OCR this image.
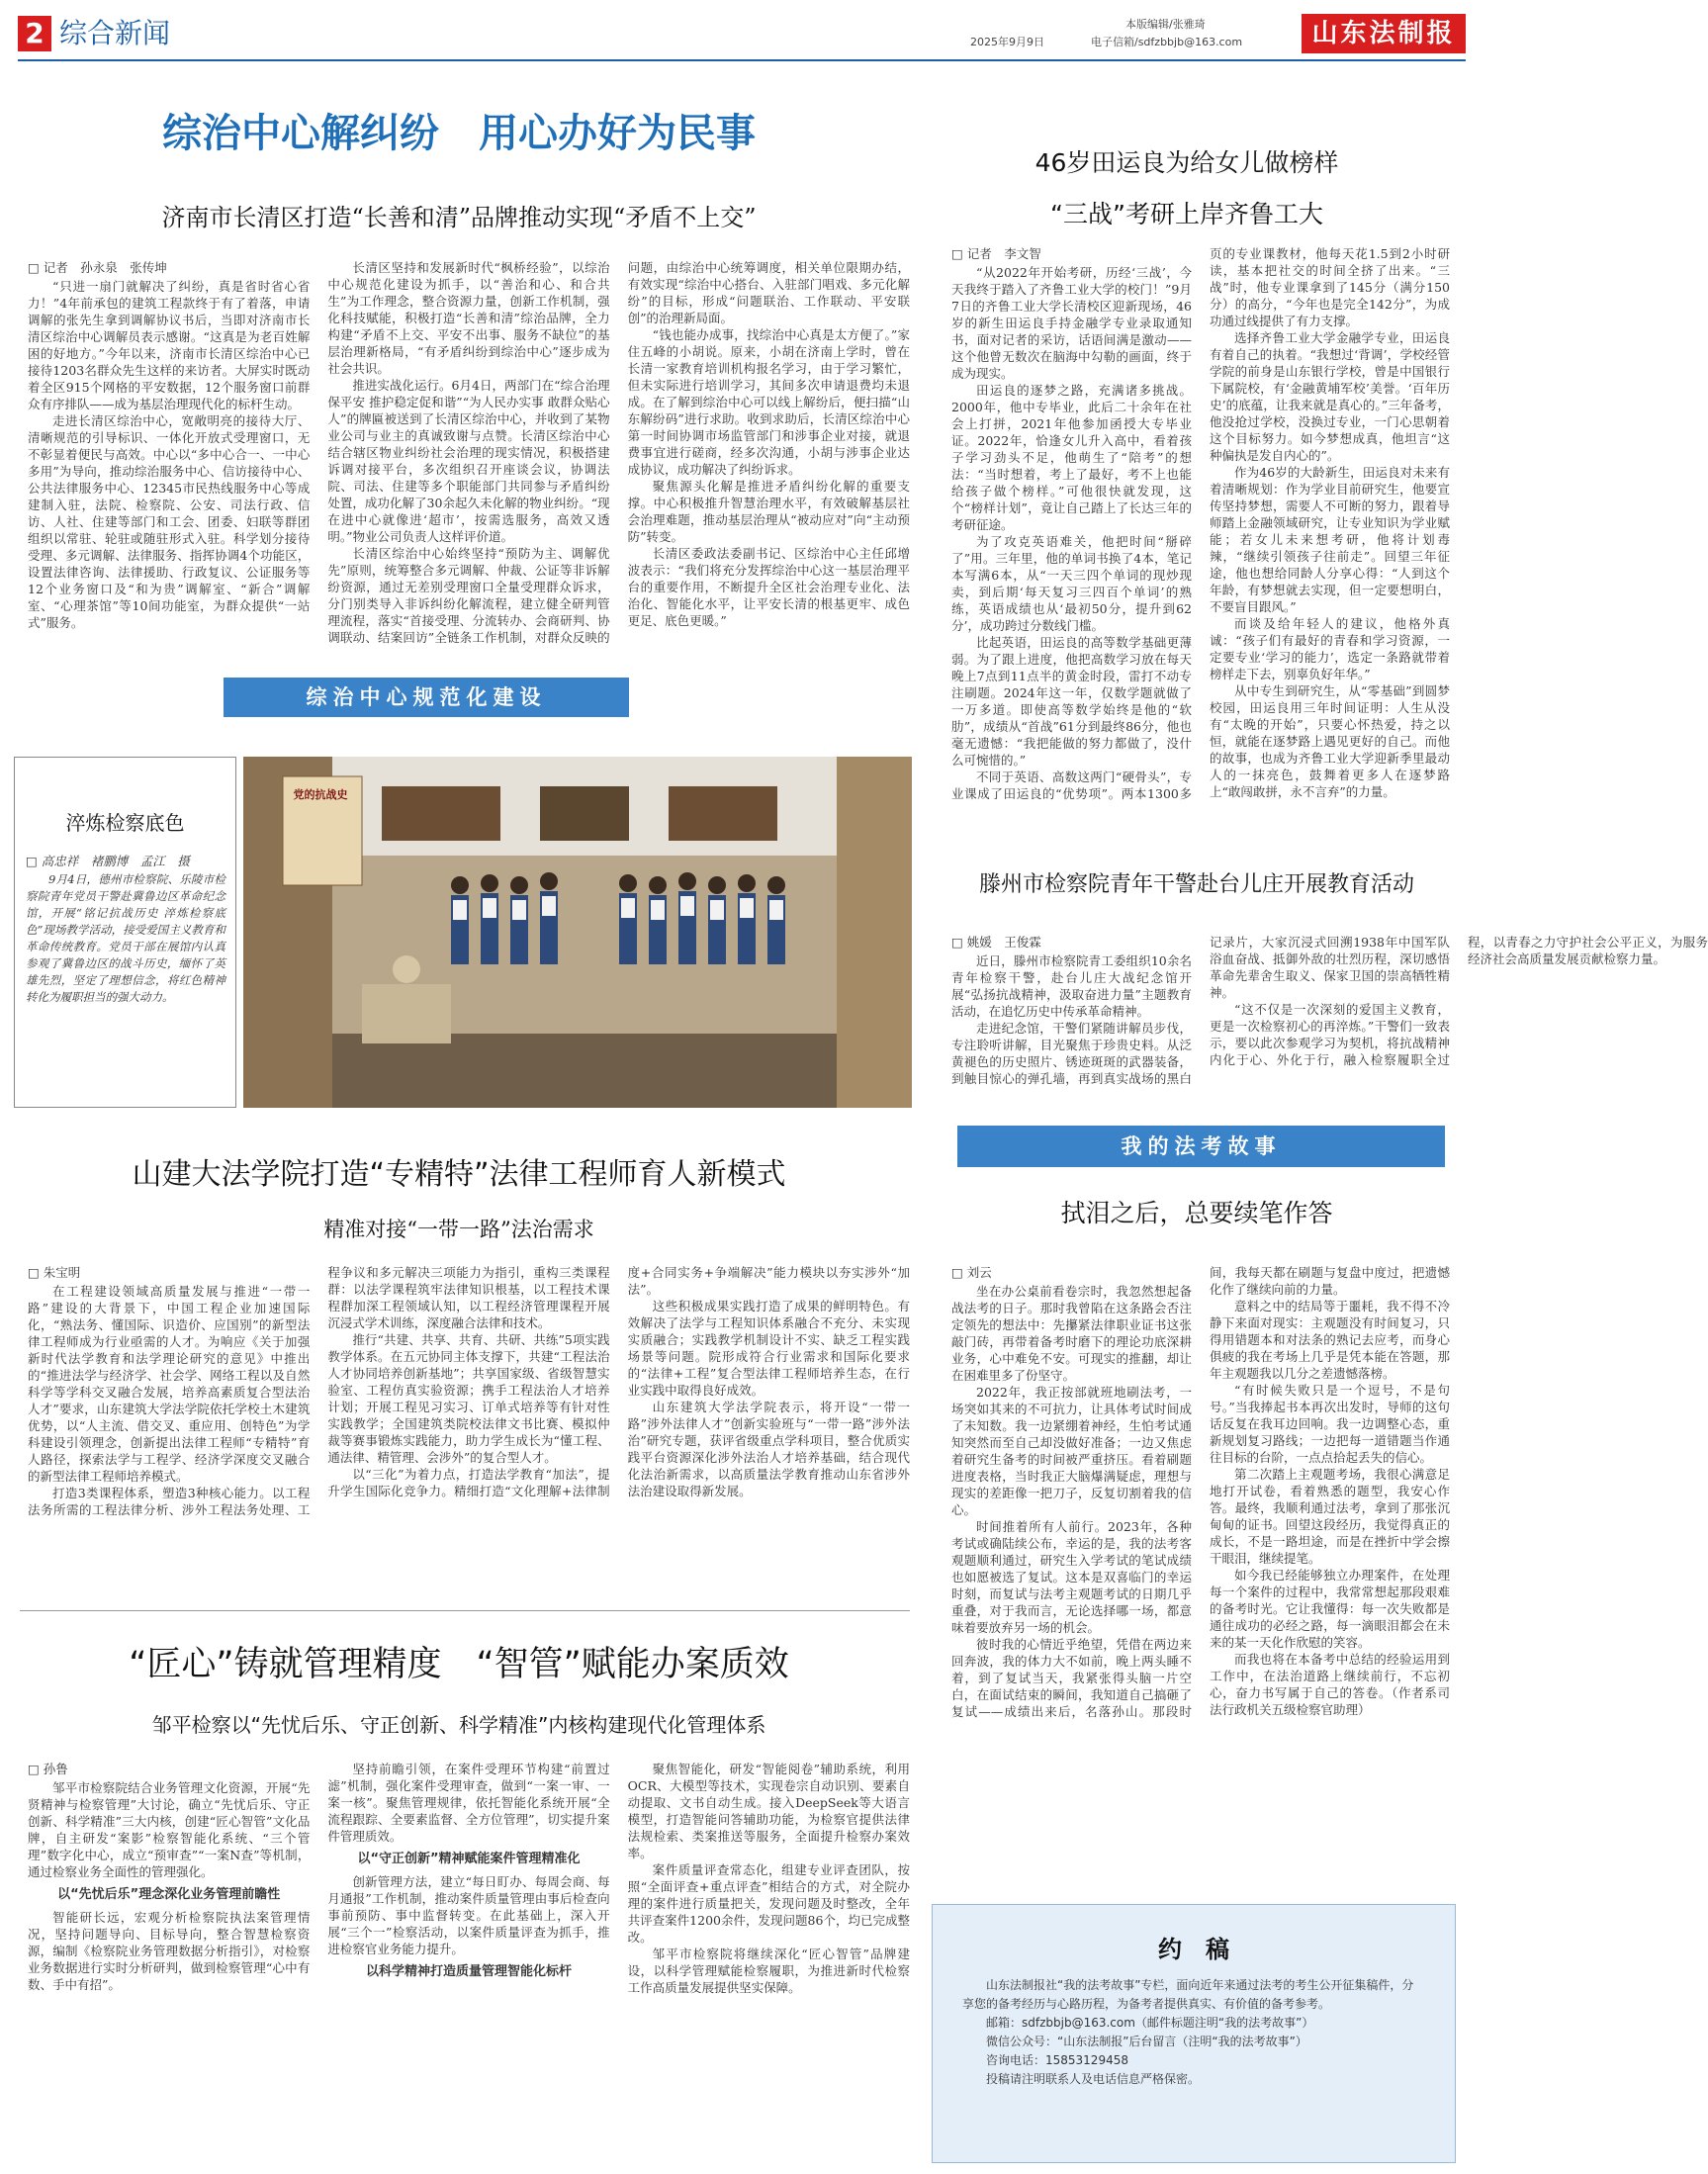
2 综合新闻	本版编辑/张雅琦
2025年9月9日	电子信箱/sdfzbbjb@163.com	山东法制报
综治中心解纠纷　用心办好为民事
济南市长清区打造“长善和清”品牌推动实现“矛盾不上交”
□ 记者　孙永泉　张传坤

“只进一扇门就解决了纠纷，真是省时省心省力！”4年前承包的建筑工程款终于有了着落，申请调解的张先生拿到调解协议书后，当即对济南市长清区综治中心调解员表示感谢。“这真是为老百姓解困的好地方。”今年以来，济南市长清区综治中心已接待1203名群众先生这样的来访者。大屏实时既动着全区915个网格的平安数据，12个服务窗口前群众有序排队——成为基层治理现代化的标杆生动。

走进长清区综治中心，宽敞明亮的接待大厅、清晰规范的引导标识、一体化开放式受理窗口，无不彰显着便民与高效。中心以“多中心合一、一中心多用”为导向，推动综治服务中心、信访接待中心、公共法律服务中心、12345市民热线服务中心等成建制入驻，法院、检察院、公安、司法行政、信访、人社、住建等部门和工会、团委、妇联等群团组织以常驻、轮驻或随驻形式入驻。科学划分接待受理、多元调解、法律服务、指挥协调4个功能区，设置法律咨询、法律援助、行政复议、公证服务等12个业务窗口及“和为贵”调解室、“新合”调解室、“心理茶馆”等10间功能室，为群众提供“一站式”服务。

长清区坚持和发展新时代“枫桥经验”，以综治中心规范化建设为抓手，以“善治和心、和合共生”为工作理念，整合资源力量，创新工作机制，强化科技赋能，积极打造“长善和清”综治品牌，全力构建“矛盾不上交、平安不出事、服务不缺位”的基层治理新格局，“有矛盾纠纷到综治中心”逐步成为社会共识。

推进实战化运行。6月4日，两部门在“综合治理保平安 推护稳定促和谐”“为人民办实事 敢群众贴心人”的牌匾被送到了长清区综治中心，并收到了某物业公司与业主的真诚致谢与点赞。长清区综治中心结合辖区物业纠纷社会治理的现实情况，积极搭建诉调对接平台，多次组织召开座谈会议，协调法院、司法、住建等多个职能部门共同参与矛盾纠纷处置，成功化解了30余起久未化解的物业纠纷。“现在进中心就像进‘超市’，按需选服务，高效又透明。”物业公司负责人这样评价道。

长清区综治中心始终坚持“预防为主、调解优先”原则，统筹整合多元调解、仲裁、公证等非诉解纷资源，通过无差别受理窗口全量受理群众诉求，分门别类导入非诉纠纷化解流程，建立健全研判管理流程，落实“首接受理、分流转办、会商研判、协调联动、结案回访”全链条工作机制，对群众反映的问题，由综治中心统筹调度，相关单位限期办结，有效实现“综治中心搭台、入驻部门唱戏、多元化解纷”的目标，形成“问题联治、工作联动、平安联创”的治理新局面。

“钱也能办成事，找综治中心真是太方便了。”家住五峰的小胡说。原来，小胡在济南上学时，曾在长清一家教育培训机构报名学习，由于学习繁忙，但未实际进行培训学习，其间多次申请退费均未退成。在了解到综治中心可以线上解纷后，便扫描“山东解纷码”进行求助。收到求助后，长清区综治中心第一时间协调市场监管部门和涉事企业对接，就退费事宜进行磋商，经多次沟通，小胡与涉事企业达成协议，成功解决了纠纷诉求。

聚焦源头化解是推进矛盾纠纷化解的重要支撑。中心积极推升智慧治理水平，有效破解基层社会治理难题，推动基层治理从“被动应对”向“主动预防”转变。

长清区委政法委副书记、区综治中心主任邱增波表示：“我们将充分发挥综治中心这一基层治理平台的重要作用，不断提升全区社会治理专业化、法治化、智能化水平，让平安长清的根基更牢、成色更足、底色更暖。”

综治中心规范化建设
淬炼检察底色
□ 高忠祥　褚鹏博　孟江　摄

9月4日，德州市检察院、乐陵市检察院青年党员干警赴冀鲁边区革命纪念馆，开展“铭记抗战历史 淬炼检察底色”现场教学活动，接受爱国主义教育和革命传统教育。党员干部在展馆内认真参观了冀鲁边区的战斗历史，缅怀了英雄先烈，坚定了理想信念，将红色精神转化为履职担当的强大动力。

党的抗战史
46岁田运良为给女儿做榜样
“三战”考研上岸齐鲁工大
□ 记者　李文智

“从2022年开始考研，历经‘三战’，今天我终于踏入了齐鲁工业大学的校门！”9月7日的齐鲁工业大学长清校区迎新现场，46岁的新生田运良手持金融学专业录取通知书，面对记者的采访，话语间满是激动——这个他曾无数次在脑海中勾勒的画面，终于成为现实。

田运良的逐梦之路，充满诸多挑战。2000年，他中专毕业，此后二十余年在社会上打拼，2021年他参加函授大专毕业证。2022年，恰逢女儿升入高中，看着孩子学习劲头不足，他萌生了“陪考”的想法：“当时想着，考上了最好，考不上也能给孩子做个榜样。”可他很快就发现，这个“榜样计划”，竟让自己踏上了长达三年的考研征途。

为了攻克英语难关，他把时间“掰碎了”用。三年里，他的单词书换了4本，笔记本写满6本，从“一天三四个单词的现炒现卖，到后期‘每天复习三四百个单词’的熟练，英语成绩也从‘最初50分，提升到62分’，成功跨过分数线门槛。

比起英语，田运良的高等数学基础更薄弱。为了跟上进度，他把高数学习放在每天晚上7点到11点半的黄金时段，雷打不动专注刷题。2024年这一年，仅数学题就做了一万多道。即使高等数学始终是他的“软肋”，成绩从“首战”61分到最终86分，他也毫无遗憾：“我把能做的努力都做了，没什么可惋惜的。”

不同于英语、高数这两门“硬骨头”，专业课成了田运良的“优势项”。两本1300多页的专业课教材，他每天花1.5到2小时研读，基本把社交的时间全挤了出来。“三战”时，他专业课拿到了145分（满分150分）的高分，“今年也是完全142分”，为成功通过线提供了有力支撑。

选择齐鲁工业大学金融学专业，田运良有着自己的执着。“我想过‘背调’，学校经管学院的前身是山东银行学校，曾是中国银行下属院校，有‘金融黄埔军校’美誉。‘百年历史’的底蕴，让我来就是真心的。”三年备考，他没抢过学校，没换过专业，一门心思朝着这个目标努力。如今梦想成真，他坦言“这种偏执是发自内心的”。

作为46岁的大龄新生，田运良对未来有着清晰规划：作为学业目前研究生，他要宣传坚持梦想，需要人不可断的努力，跟着导师踏上金融领域研究，让专业知识为学业赋能；若女儿未来想考研，他将计划毒辣，“继续引领孩子往前走”。回望三年征途，他也想给同龄人分享心得：“人到这个年龄，有梦想就去实现，但一定要想明白，不要盲目跟风。”

而谈及给年轻人的建议，他格外真诚：“孩子们有最好的青春和学习资源，一定要专业‘学习的能力’，选定一条路就带着榜样走下去，别辜负好年华。”

从中专生到研究生，从“零基础”到圆梦校园，田运良用三年时间证明：人生从没有“太晚的开始”，只要心怀热爱，持之以恒，就能在逐梦路上遇见更好的自己。而他的故事，也成为齐鲁工业大学迎新季里最动人的一抹亮色，鼓舞着更多人在逐梦路上“敢闯敢拼，永不言弃”的力量。

滕州市检察院青年干警赴台儿庄开展教育活动
□ 姚媛　王俊霖

近日，滕州市检察院青工委组织10余名青年检察干警，赴台儿庄大战纪念馆开展“弘扬抗战精神，汲取奋进力量”主题教育活动，在追忆历史中传承革命精神。

走进纪念馆，干警们紧随讲解员步伐，专注聆听讲解，目光聚焦于珍贵史料。从泛黄褪色的历史照片、锈迹斑斑的武器装备，到触目惊心的弹孔墙，再到真实战场的黑白记录片，大家沉浸式回溯1938年中国军队浴血奋战、抵御外敌的壮烈历程，深切感悟革命先辈舍生取义、保家卫国的崇高牺牲精神。

“这不仅是一次深刻的爱国主义教育，更是一次检察初心的再淬炼。”干警们一致表示，要以此次参观学习为契机，将抗战精神内化于心、外化于行，融入检察履职全过程，以青春之力守护社会公平正义，为服务经济社会高质量发展贡献检察力量。

我的法考故事
拭泪之后，总要续笔作答
□ 刘云

坐在办公桌前看卷宗时，我忽然想起备战法考的日子。那时我曾陷在这条路会否注定领先的想法中：先攥紧法律职业证书这张敲门砖，再带着备考时磨下的理论功底深耕业务，心中难免不安。可现实的推翻，却让在困难里多了份坚守。

2022年，我正按部就班地刷法考，一场突如其来的不可抗力，让具体考试时间成了未知数。我一边紧绷着神经，生怕考试通知突然而至自己却没做好准备；一边又焦虑着研究生备考的时间被严重挤压。看着刷题进度表格，当时我正大脑爆满疑虑，理想与现实的差距像一把刀子，反复切割着我的信心。

时间推着所有人前行。2023年，各种考试或确陆续公布，幸运的是，我的法考客观题顺利通过，研究生入学考试的笔试成绩也如愿被选了复试。这本是双喜临门的幸运时刻，而复试与法考主观题考试的日期几乎重叠，对于我而言，无论选择哪一场，都意味着要放弃另一场的机会。

彼时我的心情近乎绝望，凭借在两边来回奔波，我的体力大不如前，晚上两头睡不着，到了复试当天，我紧张得头脑一片空白，在面试结束的瞬间，我知道自己搞砸了复试——成绩出来后，名落孙山。那段时间，我每天都在刷题与复盘中度过，把遗憾化作了继续向前的力量。

意料之中的结局等于噩耗，我不得不冷静下来面对现实：主观题没有时间复习，只得用错题本和对法条的熟记去应考，而身心俱疲的我在考场上几乎是凭本能在答题，那年主观题我以几分之差遗憾落榜。

“有时候失败只是一个逗号，不是句号。”当我捧起书本再次出发时，导师的这句话反复在我耳边回响。我一边调整心态，重新规划复习路线；一边把每一道错题当作通往目标的台阶，一点点拾起丢失的信心。

第二次踏上主观题考场，我很心满意足地打开试卷，看着熟悉的题型，我安心作答。最终，我顺利通过法考，拿到了那张沉甸甸的证书。回望这段经历，我觉得真正的成长，不是一路坦途，而是在挫折中学会擦干眼泪，继续提笔。

如今我已经能够独立办理案件，在处理每一个案件的过程中，我常常想起那段艰难的备考时光。它让我懂得：每一次失败都是通往成功的必经之路，每一滴眼泪都会在未来的某一天化作欣慰的笑容。

而我也将在本备考中总结的经验运用到工作中，在法治道路上继续前行，不忘初心，奋力书写属于自己的答卷。（作者系司法行政机关五级检察官助理）

山建大法学院打造“专精特”法律工程师育人新模式
精准对接“一带一路”法治需求
□ 朱宝明

在工程建设领域高质量发展与推进“一带一路”建设的大背景下，中国工程企业加速国际化，“熟法务、懂国际、识造价、应国别”的新型法律工程师成为行业亟需的人才。为响应《关于加强新时代法学教育和法学理论研究的意见》中推出的“推进法学与经济学、社会学、网络工程以及自然科学等学科交叉融合发展，培养高素质复合型法治人才”要求，山东建筑大学法学院依托学校土木建筑优势，以“人主流、借交叉、重应用、创特色”为学科建设引领理念，创新提出法律工程师“专精特”育人路径，探索法学与工程学、经济学深度交叉融合的新型法律工程师培养模式。

打造3类课程体系，塑造3种核心能力。以工程法务所需的工程法律分析、涉外工程法务处理、工程争议和多元解决三项能力为指引，重构三类课程群：以法学课程筑牢法律知识根基，以工程技术课程群加深工程领域认知，以工程经济管理课程开展沉浸式学术训练，深度融合法律和技术。

推行“共建、共享、共育、共研、共练”5项实践教学体系。在五元协同主体支撑下，共建“工程法治人才协同培养创新基地”；共享国家级、省级智慧实验室、工程仿真实验资源；携手工程法治人才培养计划；开展工程见习实习、订单式培养等有针对性实践教学；全国建筑类院校法律文书比赛、模拟仲裁等赛事锻炼实践能力，助力学生成长为“懂工程、通法律、精管理、会涉外”的复合型人才。

以“三化”为着力点，打造法学教育“加法”，提升学生国际化竞争力。精细打造“文化理解+法律制度+合同实务+争端解决”能力模块以夯实涉外“加法”。

这些积极成果实践打造了成果的鲜明特色。有效解决了法学与工程知识体系融合不充分、未实现实质融合；实践教学机制设计不实、缺乏工程实践场景等问题。院形成符合行业需求和国际化要求的“法律+工程”复合型法律工程师培养生态，在行业实践中取得良好成效。

山东建筑大学法学院表示，将开设“一带一路”涉外法律人才”创新实验班与“一带一路”涉外法治”研究专题，获评省级重点学科项目，整合优质实践平台资源深化涉外法治人才培养基础，结合现代化法治新需求，以高质量法学教育推动山东省涉外法治建设取得新发展。

“匠心”铸就管理精度　“智管”赋能办案质效
邹平检察以“先忧后乐、守正创新、科学精准”内核构建现代化管理体系
□ 孙鲁

邹平市检察院结合业务管理文化资源，开展“先贤精神与检察管理”大讨论，确立“先忧后乐、守正创新、科学精准”三大内核，创建“匠心智管”文化品牌，自主研发“案影”检察智能化系统、“三个管理”数字化中心，成立“预审查”“一案N查”等机制，通过检察业务全面性的管理强化。

以“先忧后乐”理念深化业务管理前瞻性

智能研长远，宏观分析检察院执法案管理情况，坚持问题导向、目标导向，整合智慧检察资源，编制《检察院业务管理数据分析指引》，对检察业务数据进行实时分析研判，做到检察管理“心中有数、手中有招”。

坚持前瞻引领，在案件受理环节构建“前置过滤”机制，强化案件受理审查，做到“一案一审、一案一核”。聚焦管理规律，依托智能化系统开展“全流程跟踪、全要素监督、全方位管理”，切实提升案件管理质效。

以“守正创新”精神赋能案件管理精准化

创新管理方法，建立“每日盯办、每周会商、每月通报”工作机制，推动案件质量管理由事后检查向事前预防、事中监督转变。在此基础上，深入开展“三个一”检察活动，以案件质量评查为抓手，推进检察官业务能力提升。

以科学精神打造质量管理智能化标杆

聚焦智能化，研发“智能阅卷”辅助系统，利用OCR、大模型等技术，实现卷宗自动识别、要素自动提取、文书自动生成。接入DeepSeek等大语言模型，打造智能问答辅助功能，为检察官提供法律法规检索、类案推送等服务，全面提升检察办案效率。

案件质量评查常态化，组建专业评查团队，按照“全面评查+重点评查”相结合的方式，对全院办理的案件进行质量把关，发现问题及时整改，全年共评查案件1200余件，发现问题86个，均已完成整改。

邹平市检察院将继续深化“匠心智管”品牌建设，以科学管理赋能检察履职，为推进新时代检察工作高质量发展提供坚实保障。

约　稿

山东法制报社“我的法考故事”专栏，面向近年来通过法考的考生公开征集稿件，分享您的备考经历与心路历程，为备考者提供真实、有价值的备考参考。

邮箱：sdfzbbjb@163.com（邮件标题注明“我的法考故事”）

微信公众号：“山东法制报”后台留言（注明“我的法考故事”）

咨询电话：15853129458

投稿请注明联系人及电话信息严格保密。
